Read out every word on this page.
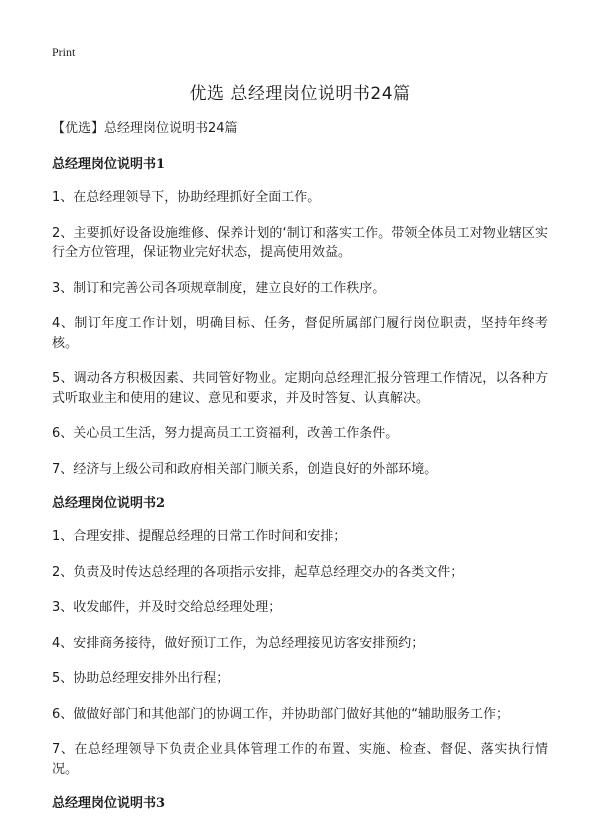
Print
优选 总经理岗位说明书24篇
【优选】总经理岗位说明书24篇
总经理岗位说明书1
1、在总经理领导下，协助经理抓好全面工作。
2、主要抓好设备设施维修、保养计划的‘制订和落实工作。带领全体员工对物业辖区实行全方位管理，保证物业完好状态，提高使用效益。
3、制订和完善公司各项规章制度，建立良好的工作秩序。
4、制订年度工作计划，明确目标、任务，督促所属部门履行岗位职责，坚持年终考核。
5、调动各方积极因素、共同管好物业。定期向总经理汇报分管理工作情况，以各种方式听取业主和使用的建议、意见和要求，并及时答复、认真解决。
6、关心员工生活，努力提高员工工资福利，改善工作条件。
7、经济与上级公司和政府相关部门顺关系，创造良好的外部环境。
总经理岗位说明书2
1、合理安排、提醒总经理的日常工作时间和安排；
2、负责及时传达总经理的各项指示安排，起草总经理交办的各类文件；
3、收发邮件，并及时交给总经理处理；
4、安排商务接待，做好预订工作，为总经理接见访客安排预约；
5、协助总经理安排外出行程；
6、做做好部门和其他部门的协调工作，并协助部门做好其他的“辅助服务工作；
7、在总经理领导下负责企业具体管理工作的布置、实施、检查、督促、落实执行情况。
总经理岗位说明书3
